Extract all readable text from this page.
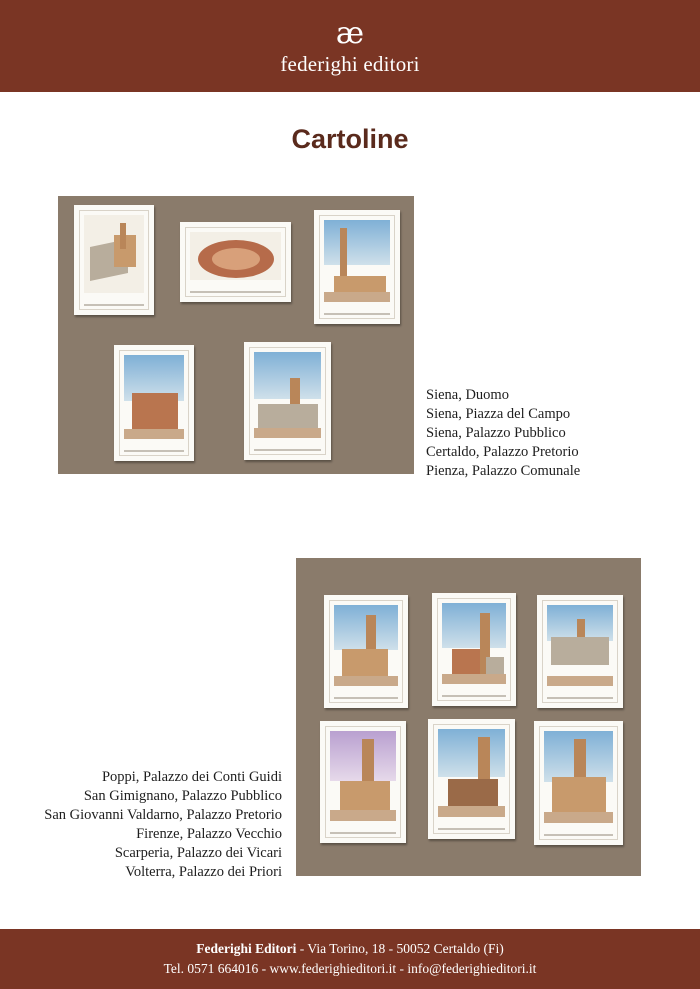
æ
federighi editori
Cartoline
Siena, Duomo
Siena, Piazza del Campo
Siena, Palazzo Pubblico
Certaldo, Palazzo Pretorio
Pienza, Palazzo Comunale
Poppi, Palazzo dei Conti Guidi
San Gimignano, Palazzo Pubblico
San Giovanni Valdarno, Palazzo Pretorio
Firenze, Palazzo Vecchio
Scarperia, Palazzo dei Vicari
Volterra, Palazzo dei Priori
Federighi Editori - Via Torino, 18 - 50052 Certaldo (Fi)
Tel. 0571 664016 - www.federighieditori.it - info@federighieditori.it
